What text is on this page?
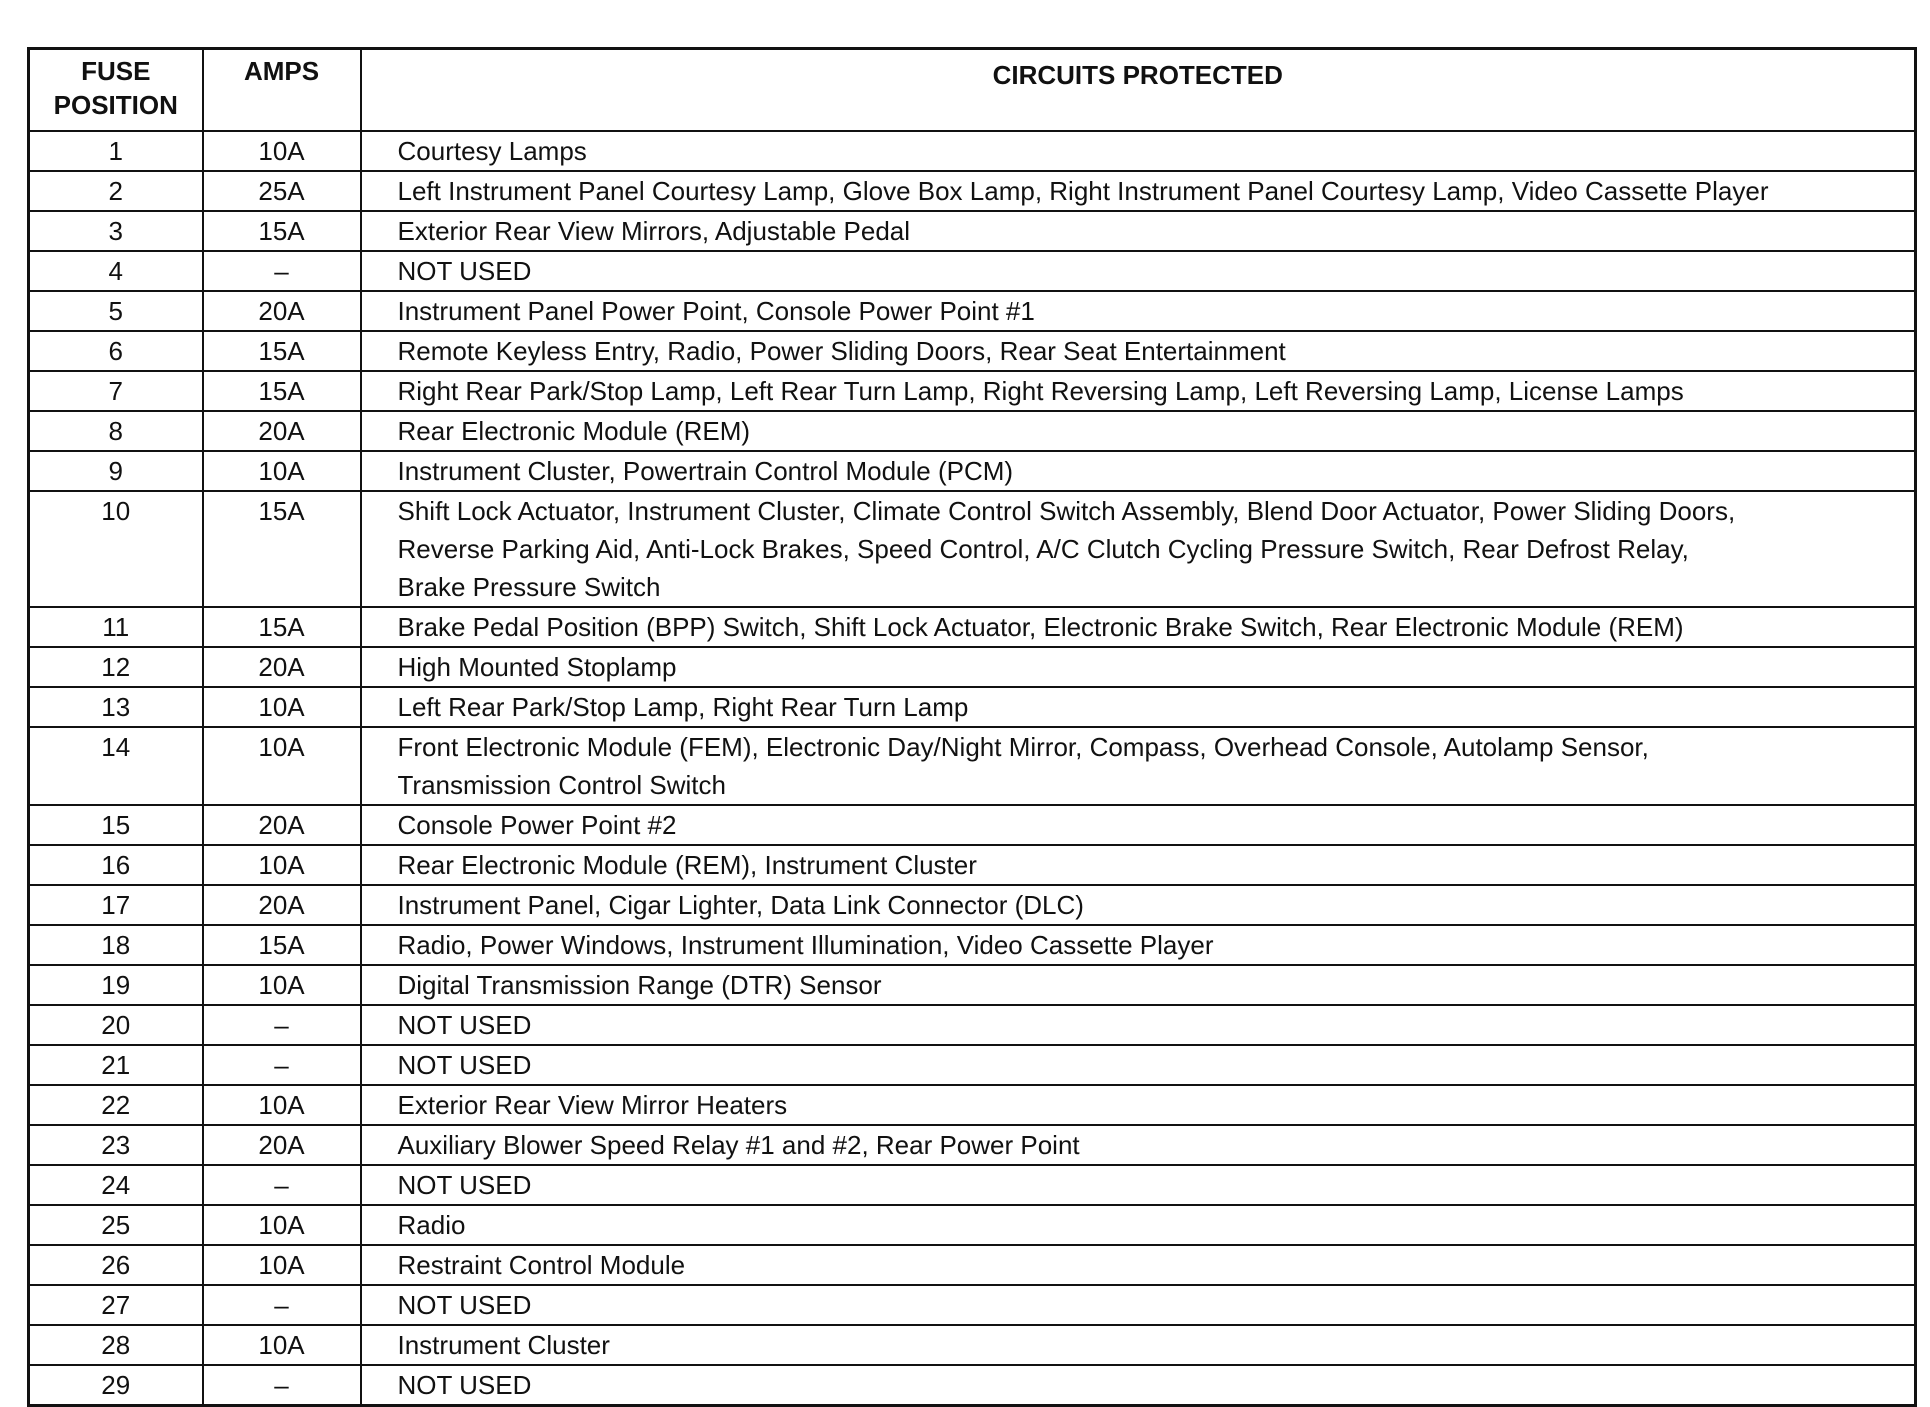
FUSE
POSITION	AMPS	CIRCUITS PROTECTED
1	10A	Courtesy Lamps
2	25A	Left Instrument Panel Courtesy Lamp, Glove Box Lamp, Right Instrument Panel Courtesy Lamp, Video Cassette Player
3	15A	Exterior Rear View Mirrors, Adjustable Pedal
4	–	NOT USED
5	20A	Instrument Panel Power Point, Console Power Point #1
6	15A	Remote Keyless Entry, Radio, Power Sliding Doors, Rear Seat Entertainment
7	15A	Right Rear Park/Stop Lamp, Left Rear Turn Lamp, Right Reversing Lamp, Left Reversing Lamp, License Lamps
8	20A	Rear Electronic Module (REM)
9	10A	Instrument Cluster, Powertrain Control Module (PCM)
10	15A	Shift Lock Actuator, Instrument Cluster, Climate Control Switch Assembly, Blend Door Actuator, Power Sliding Doors,
Reverse Parking Aid, Anti-Lock Brakes, Speed Control, A/C Clutch Cycling Pressure Switch, Rear Defrost Relay,
Brake Pressure Switch
11	15A	Brake Pedal Position (BPP) Switch, Shift Lock Actuator, Electronic Brake Switch, Rear Electronic Module (REM)
12	20A	High Mounted Stoplamp
13	10A	Left Rear Park/Stop Lamp, Right Rear Turn Lamp
14	10A	Front Electronic Module (FEM), Electronic Day/Night Mirror, Compass, Overhead Console, Autolamp Sensor,
Transmission Control Switch
15	20A	Console Power Point #2
16	10A	Rear Electronic Module (REM), Instrument Cluster
17	20A	Instrument Panel, Cigar Lighter, Data Link Connector (DLC)
18	15A	Radio, Power Windows, Instrument Illumination, Video Cassette Player
19	10A	Digital Transmission Range (DTR) Sensor
20	–	NOT USED
21	–	NOT USED
22	10A	Exterior Rear View Mirror Heaters
23	20A	Auxiliary Blower Speed Relay #1 and #2, Rear Power Point
24	–	NOT USED
25	10A	Radio
26	10A	Restraint Control Module
27	–	NOT USED
28	10A	Instrument Cluster
29	–	NOT USED
